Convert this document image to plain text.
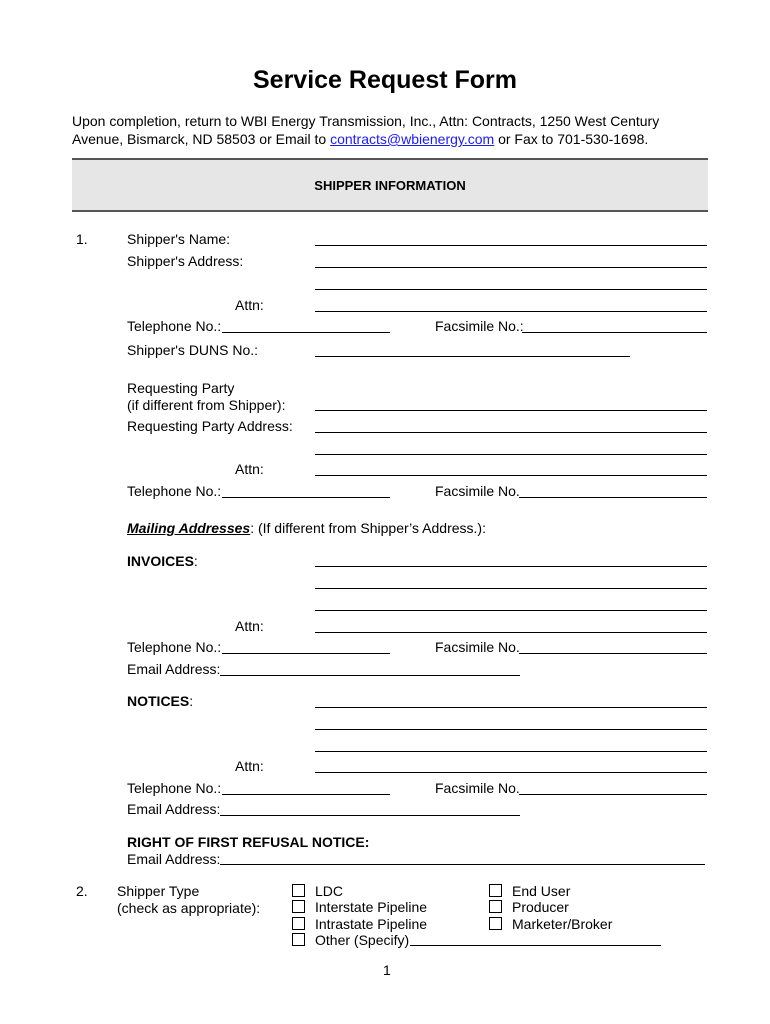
Service Request Form
Upon completion, return to WBI Energy Transmission, Inc., Attn: Contracts, 1250 West Century
Avenue, Bismarck, ND 58503 or Email to contracts@wbienergy.com or Fax to 701-530-1698.
SHIPPER INFORMATION
1.	Shipper's Name:
Shipper's Address:
Attn:
Telephone No.:	Facsimile No.:
Shipper's DUNS No.:
Requesting Party
(if different from Shipper):
Requesting Party Address:
Attn:
Telephone No.:	Facsimile No.
Mailing Addresses: (If different from Shipper’s Address.):
INVOICES:
Attn:
Telephone No.:	Facsimile No.
Email Address:
NOTICES:
Attn:
Telephone No.:	Facsimile No.
Email Address:
RIGHT OF FIRST REFUSAL NOTICE:
Email Address:
2. Shipper Type
(check as appropriate):
LDC
Interstate Pipeline
Intrastate Pipeline
Other (Specify)
End User
Producer
Marketer/Broker
1
